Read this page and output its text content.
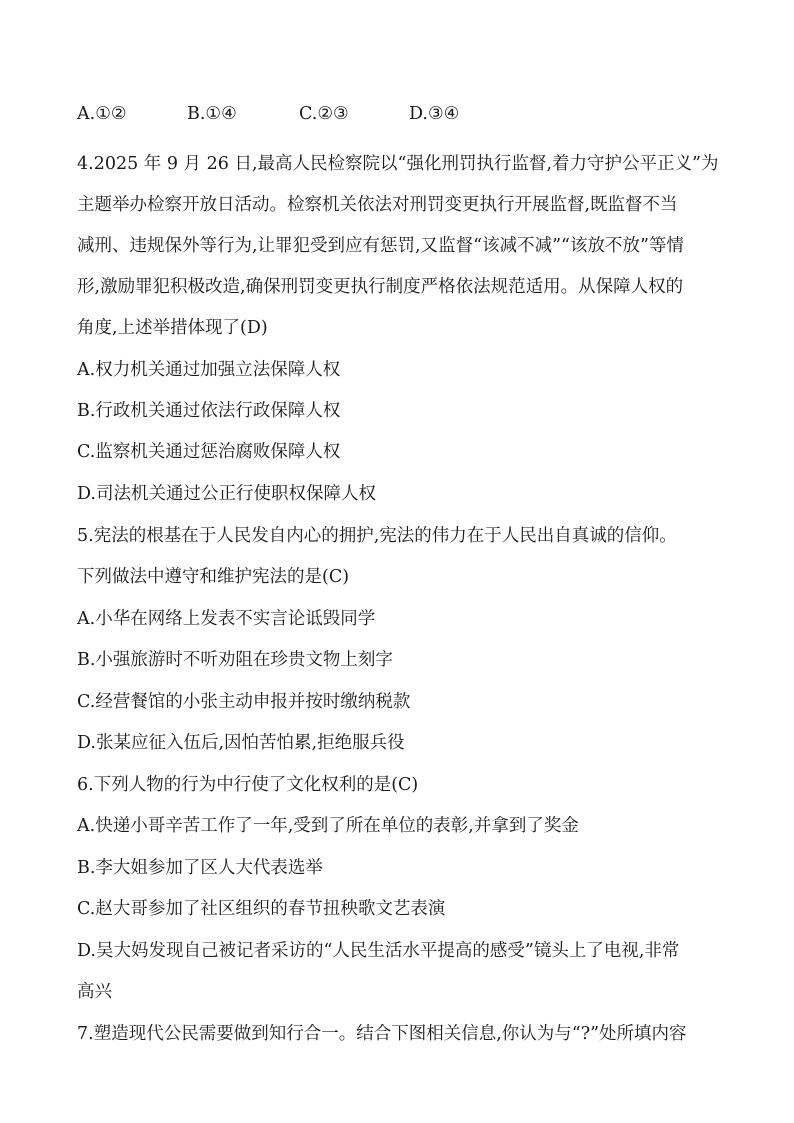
A.①②	B.①④	C.②③	D.③④
4.2025 年 9 月 26 日,最高人民检察院以“强化刑罚执行监督,着力守护公平正义”为
主题举办检察开放日活动。检察机关依法对刑罚变更执行开展监督,既监督不当
减刑、违规保外等行为,让罪犯受到应有惩罚,又监督“该减不减”“该放不放”等情
形,激励罪犯积极改造,确保刑罚变更执行制度严格依法规范适用。从保障人权的
角度,上述举措体现了(D)
A.权力机关通过加强立法保障人权
B.行政机关通过依法行政保障人权
C.监察机关通过惩治腐败保障人权
D.司法机关通过公正行使职权保障人权
5.宪法的根基在于人民发自内心的拥护,宪法的伟力在于人民出自真诚的信仰。
下列做法中遵守和维护宪法的是(C)
A.小华在网络上发表不实言论诋毁同学
B.小强旅游时不听劝阻在珍贵文物上刻字
C.经营餐馆的小张主动申报并按时缴纳税款
D.张某应征入伍后,因怕苦怕累,拒绝服兵役
6.下列人物的行为中行使了文化权利的是(C)
A.快递小哥辛苦工作了一年,受到了所在单位的表彰,并拿到了奖金
B.李大姐参加了区人大代表选举
C.赵大哥参加了社区组织的春节扭秧歌文艺表演
D.吴大妈发现自己被记者采访的“人民生活水平提高的感受”镜头上了电视,非常
高兴
7.塑造现代公民需要做到知行合一。结合下图相关信息,你认为与“?”处所填内容
